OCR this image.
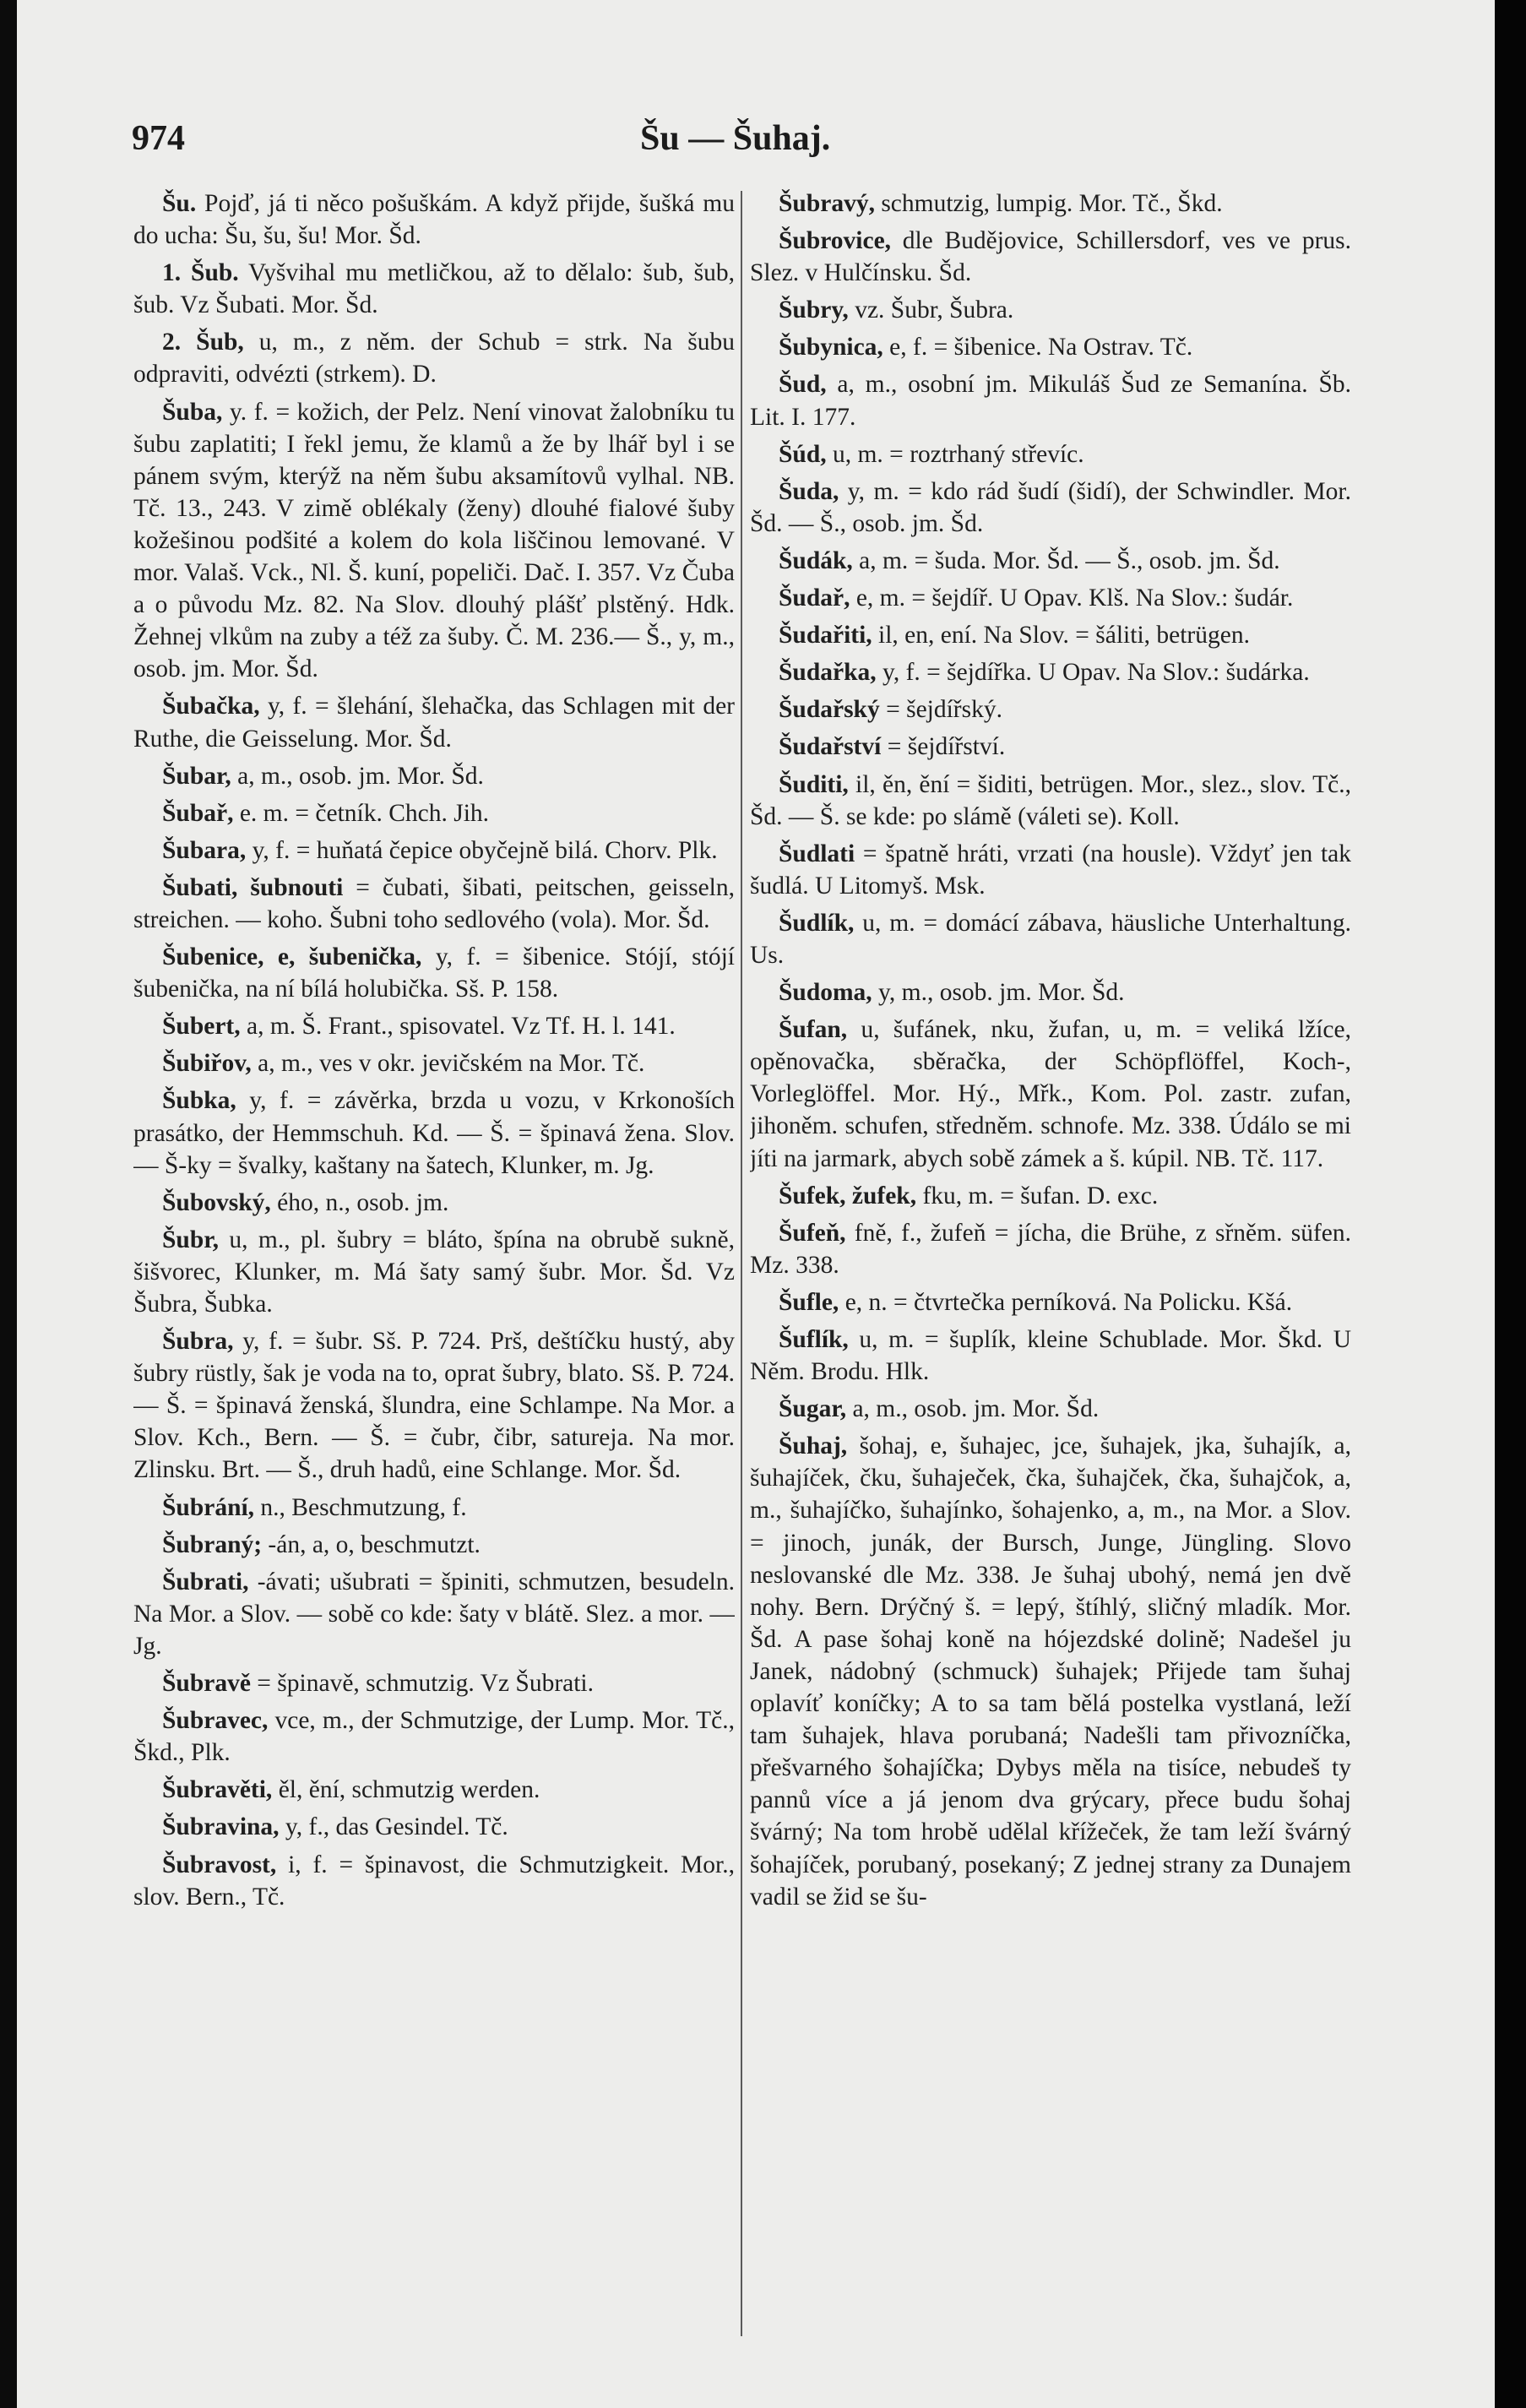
974	Šu — Šuhaj.

Šu. Pojď, já ti něco pošuškám. A když přijde, šušká mu do ucha: Šu, šu, šu! Mor. Šd.

1. Šub. Vyšvihal mu metličkou, až to dělalo: šub, šub, šub. Vz Šubati. Mor. Šd.

2. Šub, u, m., z něm. der Schub = strk. Na šubu odpraviti, odvézti (strkem). D.

Šuba, y. f. = kožich, der Pelz. Není vinovat žalobníku tu šubu zaplatiti; I řekl jemu, že klamů a že by lhář byl i se pánem svým, kterýž na něm šubu aksamítovů vylhal. NB. Tč. 13., 243. V zimě oblékaly (ženy) dlouhé fialové šuby kožešinou podšité a kolem do kola liščinou lemované. V mor. Valaš. Vck., Nl. Š. kuní, popeliči. Dač. I. 357. Vz Čuba a o původu Mz. 82. Na Slov. dlouhý plášť plstěný. Hdk. Žehnej vlkům na zuby a též za šuby. Č. M. 236.— Š., y, m., osob. jm. Mor. Šd.

Šubačka, y, f. = šlehání, šlehačka, das Schlagen mit der Ruthe, die Geisselung. Mor. Šd.

Šubar, a, m., osob. jm. Mor. Šd.

Šubař, e. m. = četník. Chch. Jih.

Šubara, y, f. = huňatá čepice obyčejně bilá. Chorv. Plk.

Šubati, šubnouti = čubati, šibati, peitschen, geisseln, streichen. — koho. Šubni toho sedlového (vola). Mor. Šd.

Šubenice, e, šubenička, y, f. = šibenice. Stójí, stójí šubenička, na ní bílá holubička. Sš. P. 158.

Šubert, a, m. Š. Frant., spisovatel. Vz Tf. H. l. 141.

Šubiřov, a, m., ves v okr. jevičském na Mor. Tč.

Šubka, y, f. = závěrka, brzda u vozu, v Krkonoších prasátko, der Hemmschuh. Kd. — Š. = špinavá žena. Slov. — Š-ky = švalky, kaštany na šatech, Klunker, m. Jg.

Šubovský, ého, n., osob. jm.

Šubr, u, m., pl. šubry = bláto, špína na obrubě sukně, šišvorec, Klunker, m. Má šaty samý šubr. Mor. Šd. Vz Šubra, Šubka.

Šubra, y, f. = šubr. Sš. P. 724. Prš, deštíčku hustý, aby šubry rüstly, šak je voda na to, oprat šubry, blato. Sš. P. 724. — Š. = špinavá ženská, šlundra, eine Schlampe. Na Mor. a Slov. Kch., Bern. — Š. = čubr, čibr, satureja. Na mor. Zlinsku. Brt. — Š., druh hadů, eine Schlange. Mor. Šd.

Šubrání, n., Beschmutzung, f.

Šubraný; -án, a, o, beschmutzt.

Šubrati, -ávati; ušubrati = špiniti, schmutzen, besudeln. Na Mor. a Slov. — sobě co kde: šaty v blátě. Slez. a mor. — Jg.

Šubravě = špinavě, schmutzig. Vz Šubrati.

Šubravec, vce, m., der Schmutzige, der Lump. Mor. Tč., Škd., Plk.

Šubravěti, ěl, ění, schmutzig werden.

Šubravina, y, f., das Gesindel. Tč.

Šubravost, i, f. = špinavost, die Schmutzigkeit. Mor., slov. Bern., Tč.

Šubravý, schmutzig, lumpig. Mor. Tč., Škd.

Šubrovice, dle Budějovice, Schillersdorf, ves ve prus. Slez. v Hulčínsku. Šd.

Šubry, vz. Šubr, Šubra.

Šubynica, e, f. = šibenice. Na Ostrav. Tč.

Šud, a, m., osobní jm. Mikuláš Šud ze Semanína. Šb. Lit. I. 177.

Šúd, u, m. = roztrhaný střevíc.

Šuda, y, m. = kdo rád šudí (šidí), der Schwindler. Mor. Šd. — Š., osob. jm. Šd.

Šudák, a, m. = šuda. Mor. Šd. — Š., osob. jm. Šd.

Šudař, e, m. = šejdíř. U Opav. Klš. Na Slov.: šudár.

Šudařiti, il, en, ení. Na Slov. = šáliti, betrügen.

Šudařka, y, f. = šejdířka. U Opav. Na Slov.: šudárka.

Šudařský = šejdířský.

Šudařství = šejdířství.

Šuditi, il, ěn, ění = šiditi, betrügen. Mor., slez., slov. Tč., Šd. — Š. se kde: po slámě (váleti se). Koll.

Šudlati = špatně hráti, vrzati (na housle). Vždyť jen tak šudlá. U Litomyš. Msk.

Šudlík, u, m. = domácí zábava, häusliche Unterhaltung. Us.

Šudoma, y, m., osob. jm. Mor. Šd.

Šufan, u, šufánek, nku, žufan, u, m. = veliká lžíce, opěnovačka, sběračka, der Schöpflöffel, Koch-, Vorleglöffel. Mor. Hý., Mřk., Kom. Pol. zastr. zufan, jihoněm. schufen, středněm. schnofe. Mz. 338. Údálo se mi jíti na jarmark, abych sobě zámek a š. kúpil. NB. Tč. 117.

Šufek, žufek, fku, m. = šufan. D. exc.

Šufeň, fně, f., žufeň = jícha, die Brühe, z sřněm. süfen. Mz. 338.

Šufle, e, n. = čtvrtečka perníková. Na Policku. Kšá.

Šuflík, u, m. = šuplík, kleine Schublade. Mor. Škd. U Něm. Brodu. Hlk.

Šugar, a, m., osob. jm. Mor. Šd.

Šuhaj, šohaj, e, šuhajec, jce, šuhajek, jka, šuhajík, a, šuhajíček, čku, šuhaječek, čka, šuhajček, čka, šuhajčok, a, m., šuhajíčko, šuhajínko, šohajenko, a, m., na Mor. a Slov. = jinoch, junák, der Bursch, Junge, Jüngling. Slovo neslovanské dle Mz. 338. Je šuhaj ubohý, nemá jen dvě nohy. Bern. Drýčný š. = lepý, štíhlý, sličný mladík. Mor. Šd. A pase šohaj koně na hójezdské dolině; Nadešel ju Janek, nádobný (schmuck) šuhajek; Přijede tam šuhaj oplavíť koníčky; A to sa tam bělá postelka vystlaná, leží tam šuhajek, hlava porubaná; Nadešli tam přivozníčka, přešvarného šohajíčka; Dybys měla na tisíce, nebudeš ty pannů více a já jenom dva grýcary, přece budu šohaj švárný; Na tom hrobě udělal křížeček, že tam leží švárný šohajíček, porubaný, posekaný; Z jednej strany za Dunajem vadil se žid se šu-
